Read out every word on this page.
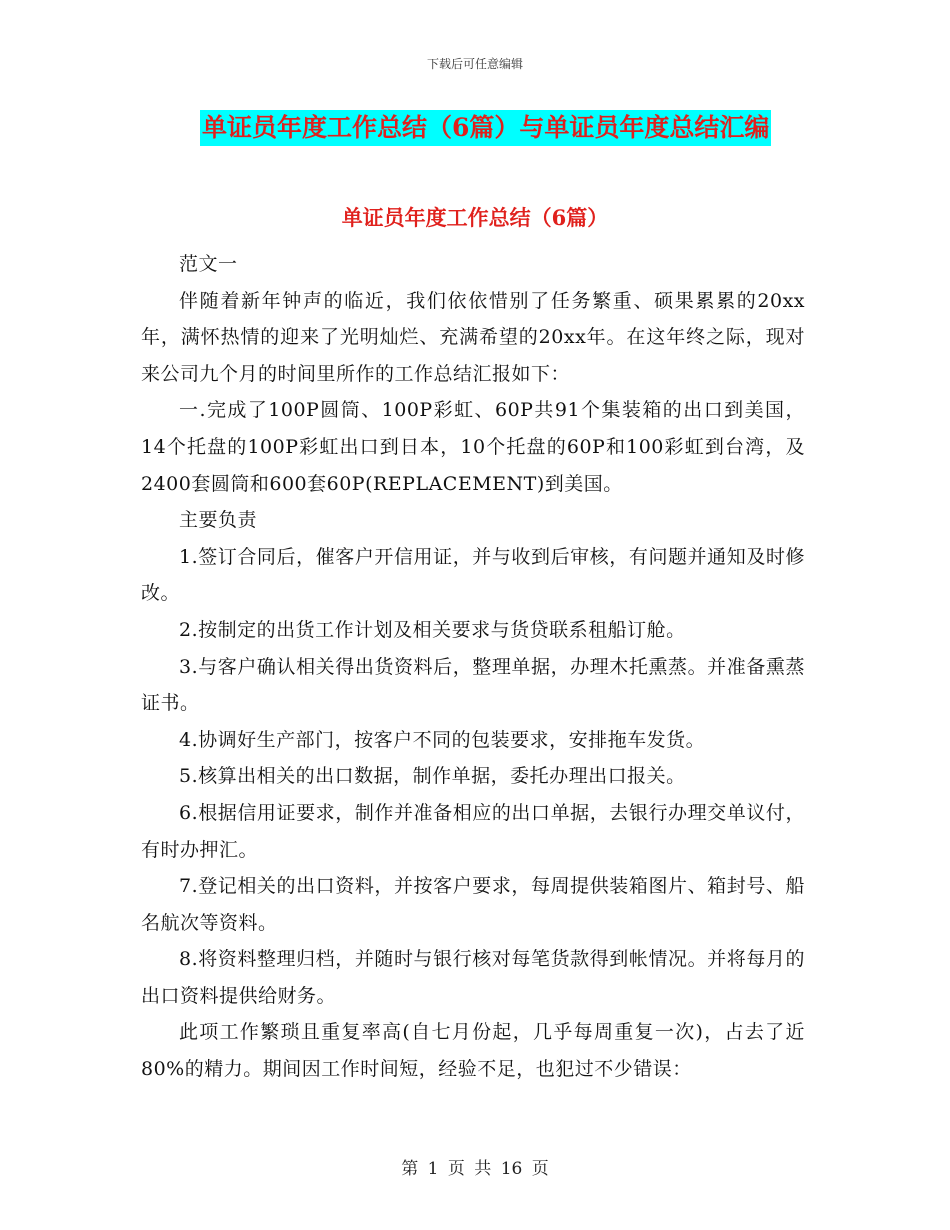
下载后可任意编辑
单证员年度工作总结（6篇）与单证员年度总结汇编
单证员年度工作总结（6篇）

范文一

伴随着新年钟声的临近，我们依依惜别了任务繁重、硕果累累的20xx年，满怀热情的迎来了光明灿烂、充满希望的20xx年。在这年终之际，现对来公司九个月的时间里所作的工作总结汇报如下：

一.完成了100P圆筒、100P彩虹、60P共91个集装箱的出口到美国，14个托盘的100P彩虹出口到日本，10个托盘的60P和100彩虹到台湾，及2400套圆筒和600套60P(REPLACEMENT)到美国。

主要负责

1.签订合同后，催客户开信用证，并与收到后审核，有问题并通知及时修改。

2.按制定的出货工作计划及相关要求与货贷联系租船订舱。

3.与客户确认相关得出货资料后，整理单据，办理木托熏蒸。并准备熏蒸证书。

4.协调好生产部门，按客户不同的包装要求，安排拖车发货。

5.核算出相关的出口数据，制作单据，委托办理出口报关。

6.根据信用证要求，制作并准备相应的出口单据，去银行办理交单议付，有时办押汇。

7.登记相关的出口资料，并按客户要求，每周提供装箱图片、箱封号、船名航次等资料。

8.将资料整理归档，并随时与银行核对每笔货款得到帐情况。并将每月的出口资料提供给财务。

此项工作繁琐且重复率高(自七月份起，几乎每周重复一次)，占去了近80%的精力。期间因工作时间短，经验不足，也犯过不少错误：

第 1 页 共 16 页
